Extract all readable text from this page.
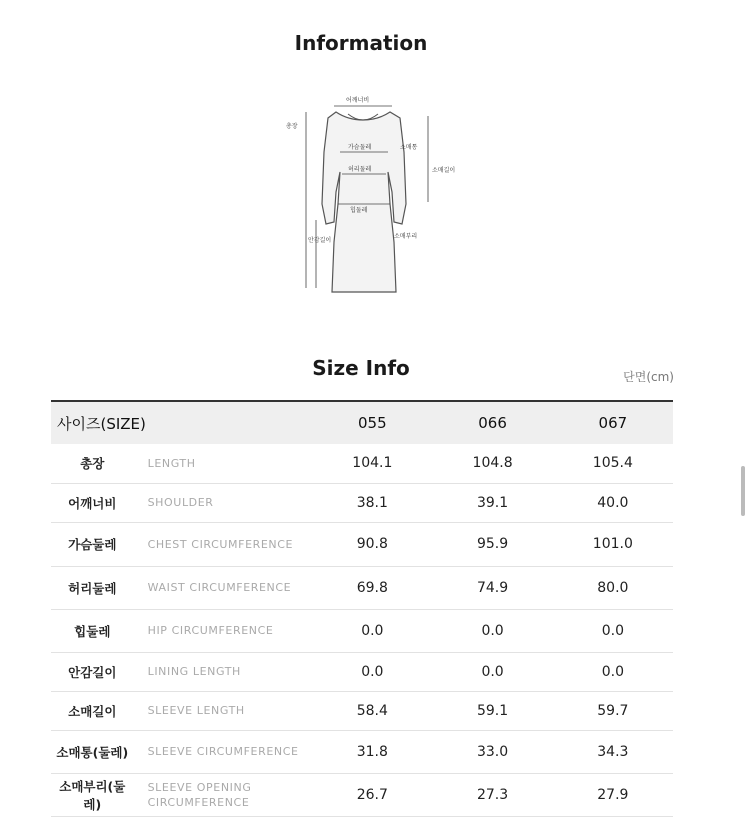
Information
어깨너비
총장
가슴둘레	소매통
허리둘레	소매길이
힙둘레
소매부리
안감길이
Size Info	단면(cm)
사이즈(SIZE)		055	066	067
총장	LENGTH	104.1	104.8	105.4
어깨너비	SHOULDER	38.1	39.1	40.0
가슴둘레	CHEST CIRCUMFERENCE	90.8	95.9	101.0
허리둘레	WAIST CIRCUMFERENCE	69.8	74.9	80.0
힙둘레	HIP CIRCUMFERENCE	0.0	0.0	0.0
안감길이	LINING LENGTH	0.0	0.0	0.0
소매길이	SLEEVE LENGTH	58.4	59.1	59.7
소매통(둘레)	SLEEVE CIRCUMFERENCE	31.8	33.0	34.3
소매부리(둘레)	SLEEVE OPENING CIRCUMFERENCE	26.7	27.3	27.9
